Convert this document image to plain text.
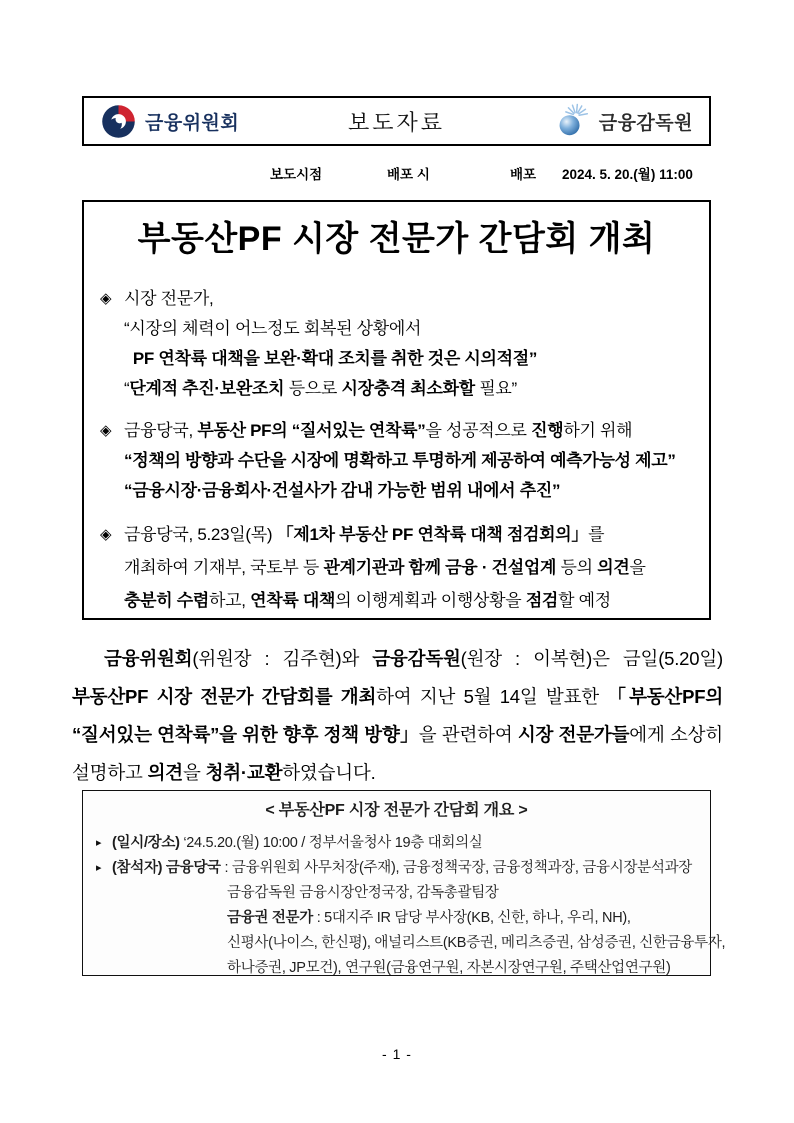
금융위원회	보도자료	금융감독원
보도시점	배포 시	배포 2024. 5. 20.(월) 11:00
부동산PF 시장 전문가 간담회 개최
◈ 시장 전문가,
“시장의 체력이 어느정도 회복된 상황에서
PF 연착륙 대책을 보완·확대 조치를 취한 것은 시의적절”
“단계적 추진·보완조치 등으로 시장충격 최소화할 필요”
◈ 금융당국, 부동산 PF의 “질서있는 연착륙”을 성공적으로 진행하기 위해
“정책의 방향과 수단을 시장에 명확하고 투명하게 제공하여 예측가능성 제고”
“금융시장·금융회사·건설사가 감내 가능한 범위 내에서 추진”
◈ 금융당국, 5.23일(목) 「제1차 부동산 PF 연착륙 대책 점검회의」를
개최하여 기재부, 국토부 등 관계기관과 함께 금융 · 건설업계 등의 의견을
충분히 수렴하고, 연착륙 대책의 이행계획과 이행상황을 점검할 예정

금융위원회(위원장 : 김주현)와 금융감독원(원장 : 이복현)은 금일(5.20일) 부동산PF 시장 전문가 간담회를 개최하여 지난 5월 14일 발표한 「부동산PF의 “질서있는 연착륙”을 위한 향후 정책 방향」을 관련하여 시장 전문가들에게 소상히 설명하고 의견을 청취·교환하였습니다.

< 부동산PF 시장 전문가 간담회 개요 >
▸ (일시/장소) ‘24.5.20.(월) 10:00 / 정부서울청사 19층 대회의실
▸ (참석자) 금융당국 : 금융위원회 사무처장(주재), 금융정책국장, 금융정책과장, 금융시장분석과장
금융감독원 금융시장안정국장, 감독총괄팀장
금융권 전문가 : 5대지주 IR 담당 부사장(KB, 신한, 하나, 우리, NH),
신평사(나이스, 한신평), 애널리스트(KB증권, 메리츠증권, 삼성증권, 신한금융투자,
하나증권, JP모건), 연구원(금융연구원, 자본시장연구원, 주택산업연구원)
- 1 -
